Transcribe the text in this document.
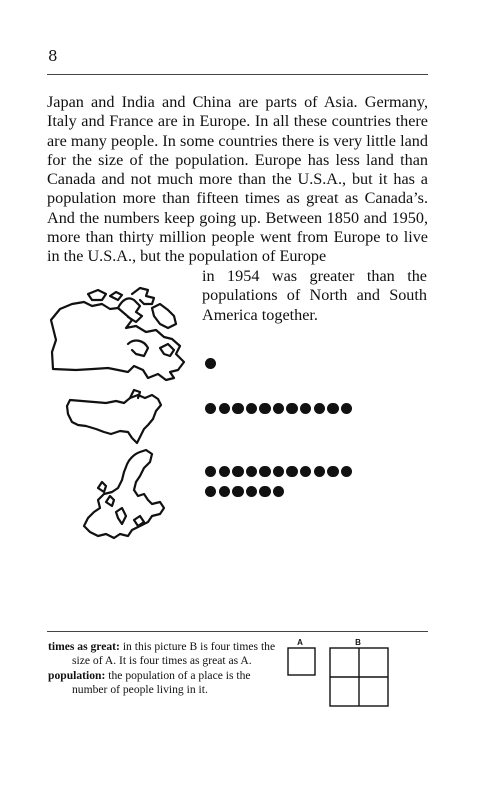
8
Japan and India and China are parts of Asia. Germany, Italy and France are in Europe. In all these countries there are many people. In some countries there is very little land for the size of the population. Europe has less land than Canada and not much more than the U.S.A., but it has a population more than fifteen times as great as Canada’s. And the numbers keep going up. Between 1850 and 1950, more than thirty million people went from Europe to live in the U.S.A., but the population of Europe
in 1954 was greater than the populations of North and South America together.
times as great: in this picture B is four times the size of A. It is four times as great as A.
population: the population of a place is the number of people living in it.
A	B
